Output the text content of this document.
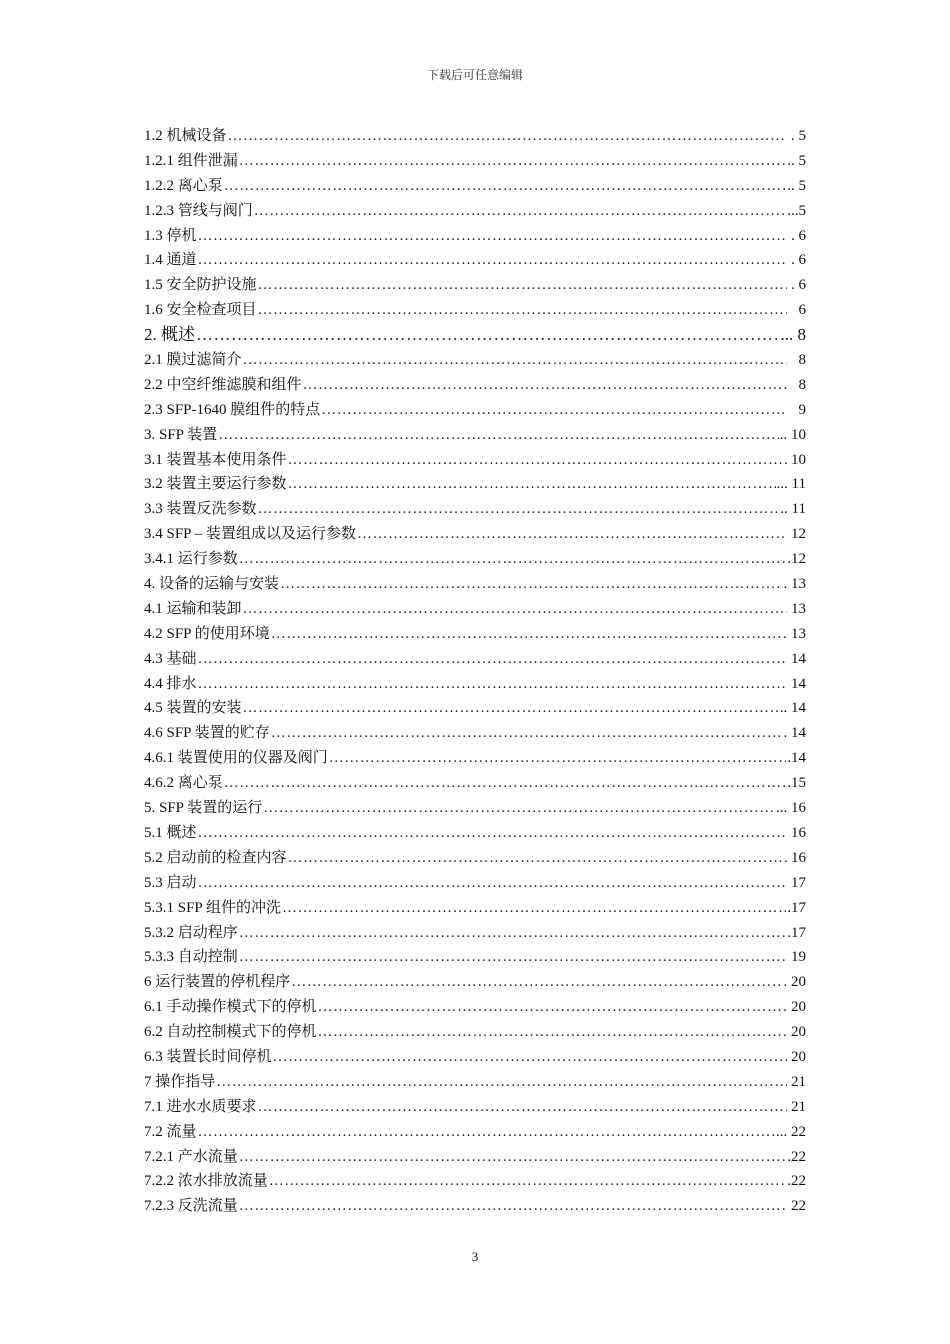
下载后可任意编辑
1.2 机械设备 ……………………………………………………………………………………………………………………………………………………………………………………………………	. 5
1.2.1 组件泄漏 ……………………………………………………………………………………………………………………………………………………………………………………………………	.. 5
1.2.2 离心泵 ……………………………………………………………………………………………………………………………………………………………………………………………………	.. 5
1.2.3 管线与阀门 ……………………………………………………………………………………………………………………………………………………………………………………………………	...5
1.3 停机 ……………………………………………………………………………………………………………………………………………………………………………………………………	. 6
1.4 通道 ……………………………………………………………………………………………………………………………………………………………………………………………………	. 6
1.5 安全防护设施 ……………………………………………………………………………………………………………………………………………………………………………………………………	. 6
1.6 安全检查项目 ……………………………………………………………………………………………………………………………………………………………………………………………………	6
2. 概述 ……………………………………………………………………………………………………………………………………………………………………………………………………	... 8
2.1 膜过滤简介 ……………………………………………………………………………………………………………………………………………………………………………………………………	8
2.2 中空纤维滤膜和组件 ……………………………………………………………………………………………………………………………………………………………………………………………………	8
2.3 SFP-1640 膜组件的特点 ……………………………………………………………………………………………………………………………………………………………………………………………………	9
3. SFP 装置 ……………………………………………………………………………………………………………………………………………………………………………………………………	.. 10
3.1 装置基本使用条件 ……………………………………………………………………………………………………………………………………………………………………………………………………	10
3.2 装置主要运行参数 ……………………………………………………………………………………………………………………………………………………………………………………………………	... 11
3.3 装置反洗参数 ……………………………………………………………………………………………………………………………………………………………………………………………………	.. 11
3.4 SFP – 装置组成以及运行参数 ……………………………………………………………………………………………………………………………………………………………………………………………………	12
3.4.1 运行参数 ……………………………………………………………………………………………………………………………………………………………………………………………………	.12
4. 设备的运输与安装 ……………………………………………………………………………………………………………………………………………………………………………………………………	. 13
4.1 运输和装卸 ……………………………………………………………………………………………………………………………………………………………………………………………………	13
4.2 SFP 的使用环境 ……………………………………………………………………………………………………………………………………………………………………………………………………	13
4.3 基础 ……………………………………………………………………………………………………………………………………………………………………………………………………	14
4.4 排水 ……………………………………………………………………………………………………………………………………………………………………………………………………	14
4.5 装置的安装 ……………………………………………………………………………………………………………………………………………………………………………………………………	.. 14
4.6 SFP 装置的贮存 ……………………………………………………………………………………………………………………………………………………………………………………………………	. 14
4.6.1 装置使用的仪器及阀门 ……………………………………………………………………………………………………………………………………………………………………………………………………	.14
4.6.2 离心泵 ……………………………………………………………………………………………………………………………………………………………………………………………………	.15
5. SFP 装置的运行 ……………………………………………………………………………………………………………………………………………………………………………………………………	... 16
5.1 概述 ……………………………………………………………………………………………………………………………………………………………………………………………………	16
5.2 启动前的检查内容 ……………………………………………………………………………………………………………………………………………………………………………………………………	16
5.3 启动 ……………………………………………………………………………………………………………………………………………………………………………………………………	17
5.3.1 SFP 组件的冲洗 ……………………………………………………………………………………………………………………………………………………………………………………………………	.17
5.3.2 启动程序 ……………………………………………………………………………………………………………………………………………………………………………………………………	.17
5.3.3 自动控制 ……………………………………………………………………………………………………………………………………………………………………………………………………	19
6 运行装置的停机程序 ……………………………………………………………………………………………………………………………………………………………………………………………………	. 20
6.1 手动操作模式下的停机 ……………………………………………………………………………………………………………………………………………………………………………………………………	20
6.2 自动控制模式下的停机 ……………………………………………………………………………………………………………………………………………………………………………………………………	20
6.3 装置长时间停机 ……………………………………………………………………………………………………………………………………………………………………………………………………	20
7 操作指导 ……………………………………………………………………………………………………………………………………………………………………………………………………	21
7.1 进水水质要求 ……………………………………………………………………………………………………………………………………………………………………………………………………	21
7.2 流量 ……………………………………………………………………………………………………………………………………………………………………………………………………	... 22
7.2.1 产水流量 ……………………………………………………………………………………………………………………………………………………………………………………………………	.22
7.2.2 浓水排放流量 ……………………………………………………………………………………………………………………………………………………………………………………………………	.22
7.2.3 反洗流量 ……………………………………………………………………………………………………………………………………………………………………………………………………	22
3
